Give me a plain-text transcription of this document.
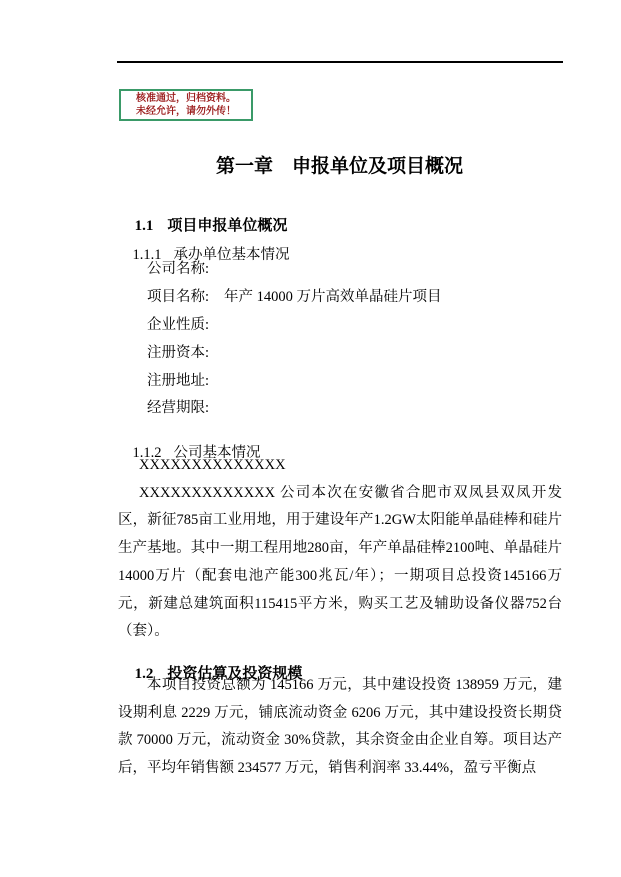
核准通过，归档资料。
未经允许，请勿外传！
第一章　申报单位及项目概况

1.1 项目申报单位概况

1.1.1 承办单位基本情况

公司名称:
项目名称: 年产 14000 万片高效单晶硅片项目
企业性质:
注册资本:
注册地址:
经营期限:

1.1.2 公司基本情况

XXXXXXXXXXXXXX

XXXXXXXXXXXXX 公司本次在安徽省合肥市双凤县双凤开发区，新征785亩工业用地，用于建设年产1.2GW太阳能单晶硅棒和硅片生产基地。其中一期工程用地280亩，年产单晶硅棒2100吨、单晶硅片14000万片（配套电池产能300兆瓦/年）；一期项目总投资145166万元，新建总建筑面积115415平方米，购买工艺及辅助设备仪器752台（套）。

1.2 投资估算及投资规模

本项目投资总额为 145166 万元，其中建设投资 138959 万元，建设期利息 2229 万元，铺底流动资金 6206 万元，其中建设投资长期贷款 70000 万元，流动资金 30%贷款，其余资金由企业自筹。项目达产后，平均年销售额 234577 万元，销售利润率 33.44%，盈亏平衡点
